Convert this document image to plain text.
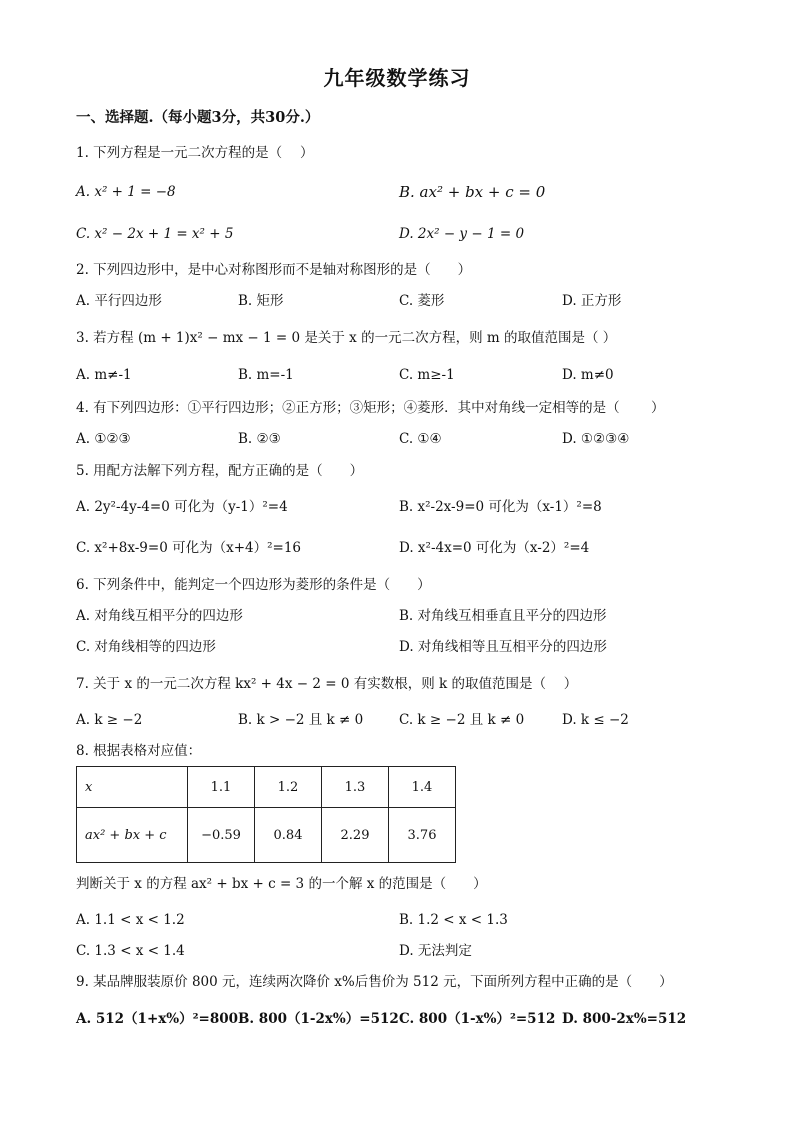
九年级数学练习
一、选择题.（每小题3分，共30分.）
1. 下列方程是一元二次方程的是（　 ）
A. x² + 1 = −8	B. ax² + bx + c = 0
C. x² − 2x + 1 = x² + 5	D. 2x² − y − 1 = 0
2. 下列四边形中，是中心对称图形而不是轴对称图形的是（　　）
A. 平行四边形	B. 矩形	C. 菱形	D. 正方形
3. 若方程 (m + 1)x² − mx − 1 = 0 是关于 x 的一元二次方程，则 m 的取值范围是（ ）
A. m≠-1	B. m=-1	C. m≥-1	D. m≠0
4. 有下列四边形：①平行四边形；②正方形；③矩形；④菱形．其中对角线一定相等的是（　　 ）
A. ①②③	B. ②③	C. ①④	D. ①②③④
5. 用配方法解下列方程，配方正确的是（　　）
A. 2y²-4y-4=0 可化为（y-1）²=4	B. x²-2x-9=0 可化为（x-1）²=8
C. x²+8x-9=0 可化为（x+4）²=16	D. x²-4x=0 可化为（x-2）²=4
6. 下列条件中，能判定一个四边形为菱形的条件是（　　）
A. 对角线互相平分的四边形	B. 对角线互相垂直且平分的四边形
C. 对角线相等的四边形	D. 对角线相等且互相平分的四边形
7. 关于 x 的一元二次方程 kx² + 4x − 2 = 0 有实数根，则 k 的取值范围是（　 ）
A. k ≥ −2	B. k > −2 且 k ≠ 0	C. k ≥ −2 且 k ≠ 0	D. k ≤ −2
8. 根据表格对应值：
x	1.1	1.2	1.3	1.4
ax² + bx + c	−0.59	0.84	2.29	3.76
判断关于 x 的方程 ax² + bx + c = 3 的一个解 x 的范围是（　　）
A. 1.1 < x < 1.2	B. 1.2 < x < 1.3
C. 1.3 < x < 1.4	D. 无法判定
9. 某品牌服装原价 800 元，连续两次降价 x%后售价为 512 元，下面所列方程中正确的是（　　）
A. 512（1+x%）²=800 B. 800（1-2x%）=512 C. 800（1-x%）²=512 D. 800-2x%=512
